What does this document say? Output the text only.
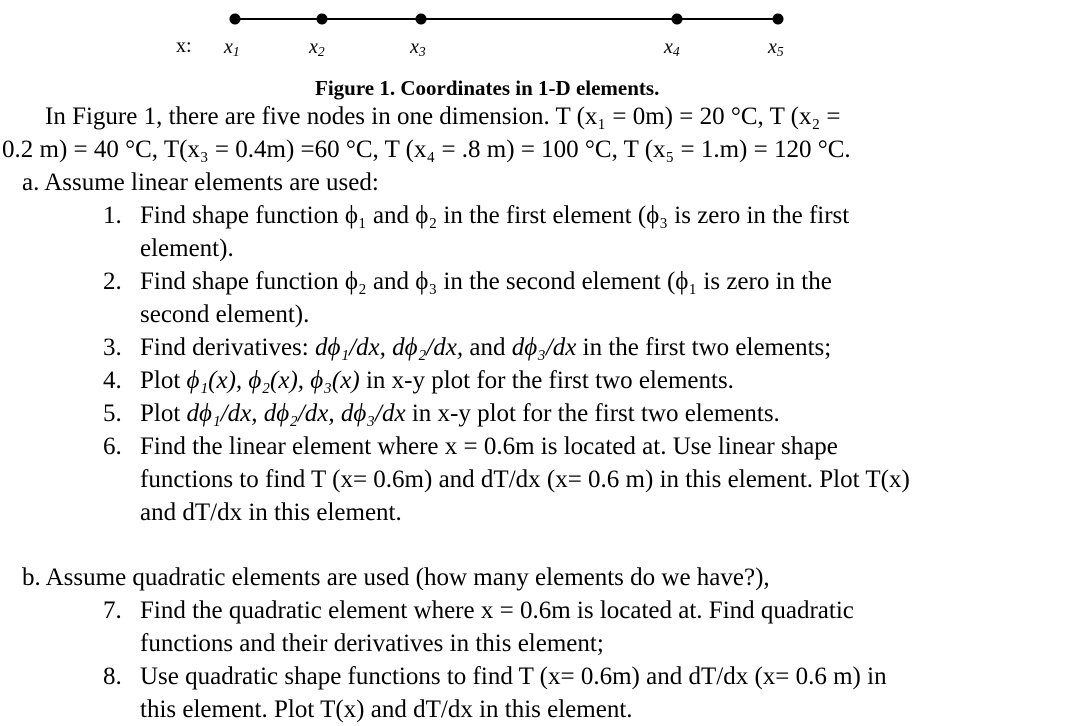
x: $x_1$	$x_2$	$x_3$	$x_4$	$x_5$
Figure 1. Coordinates in 1-D elements.
In Figure 1, there are five nodes in one dimension. T (x₁ = 0m) = 20 °C, T (x₂ =
0.2 m) = 40 °C, T(x₃ = 0.4m) =60 °C, T (x₄ = .8 m) = 100 °C, T (x₅ = 1.m) = 120 °C.
a. Assume linear elements are used:
1. Find shape function ϕ₁ and ϕ₂ in the first element (ϕ₃ is zero in the first
element).
2. Find shape function ϕ₂ and ϕ₃ in the second element (ϕ₁ is zero in the
second element).
3. Find derivatives: dϕ₁/dx, dϕ₂/dx, and dϕ₃/dx in the first two elements;
4. Plot ϕ₁(x), ϕ₂(x), ϕ₃(x) in x-y plot for the first two elements.
5. Plot dϕ₁/dx, dϕ₂/dx, dϕ₃/dx in x-y plot for the first two elements.
6. Find the linear element where x = 0.6m is located at. Use linear shape
functions to find T (x= 0.6m) and dT/dx (x= 0.6 m) in this element. Plot T(x)
and dT/dx in this element.
b. Assume quadratic elements are used (how many elements do we have?),
7. Find the quadratic element where x = 0.6m is located at. Find quadratic
functions and their derivatives in this element;
8. Use quadratic shape functions to find T (x= 0.6m) and dT/dx (x= 0.6 m) in
this element. Plot T(x) and dT/dx in this element.
